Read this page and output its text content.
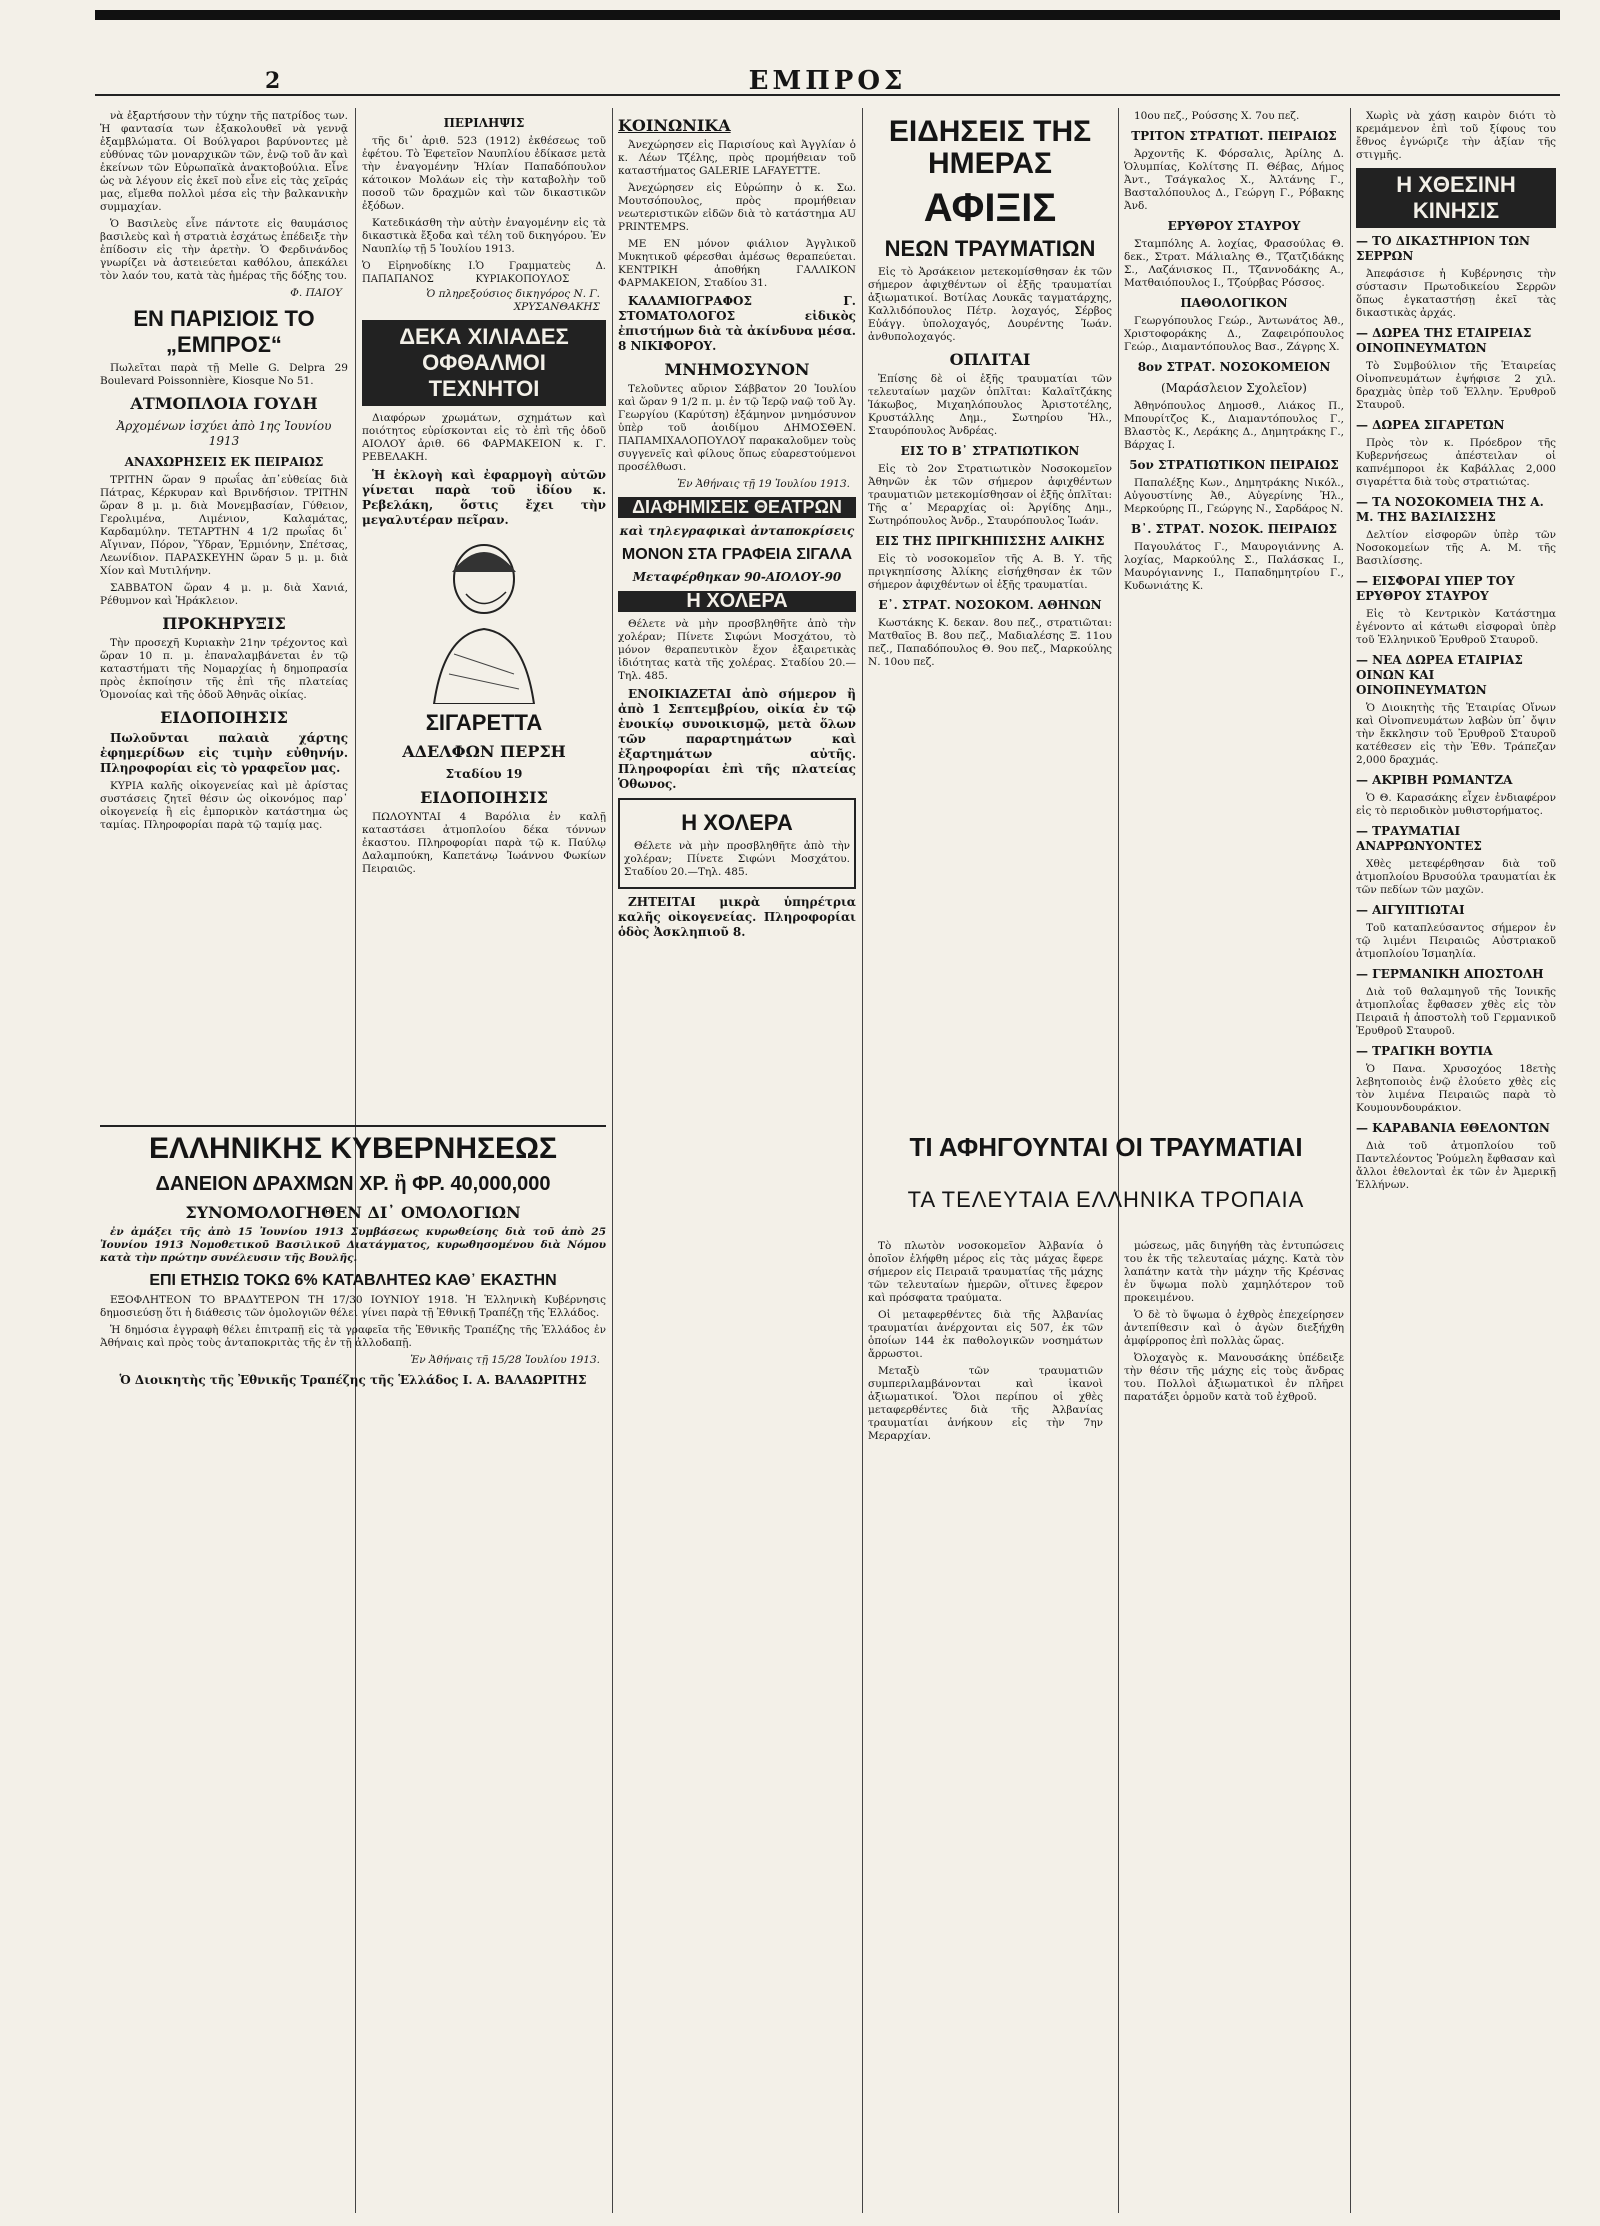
2	ΕΜΠΡΟΣ

νὰ ἐξαρτήσουν τὴν τύχην τῆς πατρίδος των. Ἡ φαντασία των ἐξακολουθεῖ νὰ γεννᾷ ἐξαμβλώματα. Οἱ Βούλγαροι βαρύνοντες μὲ εὐθύνας τῶν μοναρχικῶν τῶν, ἐνῷ τοῦ ἄν καὶ ἐκείνων τῶν Εὐρωπαϊκὰ ἀνακτοβούλια. Εἶνε ὡς νὰ λέγουν εἰς ἐκεῖ ποὺ εἶνε εἰς τὰς χεῖράς μας, εἴμεθα πολλοὶ μέσα εἰς τὴν βαλκανικὴν συμμαχίαν.

Ὁ Βασιλεὺς εἶνε πάντοτε εἰς θαυμάσιος βασιλεὺς καὶ ἡ στρατιὰ ἐσχάτως ἐπέδειξε τὴν ἐπίδοσιν εἰς τὴν ἀρετὴν. Ὁ Φερδινάνδος γνωρίζει νὰ ἀστειεύεται καθόλου, ἀπεκάλει τὸν λαόν του, κατὰ τὰς ἡμέρας τῆς δόξης του.

Φ. ΠΑΙΟΥ
ΕΝ ΠΑΡΙΣΙΟΙΣ ΤΟ „ΕΜΠΡΟΣ“

Πωλεῖται παρὰ τῇ Melle G. Delpra 29 Boulevard Poissonnière, Kiosque No 51.

ΑΤΜΟΠΛΟΙΑ ΓΟΥΔΗ
Ἀρχομένων ἰσχύει ἀπὸ 1ης Ἰουνίου 1913
ΑΝΑΧΩΡΗΣΕΙΣ ΕΚ ΠΕΙΡΑΙΩΣ

ΤΡΙΤΗΝ ὥραν 9 πρωΐας ἀπ᾽εὐθείας διὰ Πάτρας, Κέρκυραν καὶ Βρινδήσιον. ΤΡΙΤΗΝ ὥραν 8 μ. μ. διὰ Μονεμβασίαν, Γύθειον, Γερολιμένα, Λιμένιον, Καλαμάτας, Καρδαμύλην. ΤΕΤΑΡΤΗΝ 4 1/2 πρωΐας δι᾽ Αἴγιναν, Πόρον, Ὕδραν, Ἑρμιόνην, Σπέτσας, Λεωνίδιον. ΠΑΡΑΣΚΕΥΗΝ ὥραν 5 μ. μ. διὰ Χίον καὶ Μυτιλήνην.

ΣΑΒΒΑΤΟΝ ὥραν 4 μ. μ. διὰ Χανιά, Ρέθυμνον καὶ Ἡράκλειον.

ΠΡΟΚΗΡΥΞΙΣ

Τὴν προσεχῆ Κυριακὴν 21ην τρέχοντος καὶ ὥραν 10 π. μ. ἐπαναλαμβάνεται ἐν τῷ καταστήματι τῆς Νομαρχίας ἡ δημοπρασία πρὸς ἐκποίησιν τῆς ἐπὶ τῆς πλατείας Ὁμονοίας καὶ τῆς ὁδοῦ Ἀθηνᾶς οἰκίας.

ΕΙΔΟΠΟΙΗΣΙΣ

Πωλοῦνται παλαιὰ χάρτης ἐφημερίδων εἰς τιμὴν εὐθηνήν. Πληροφορίαι εἰς τὸ γραφεῖον μας.

ΚΥΡΙΑ καλῆς οἰκογενείας καὶ μὲ ἀρίστας συστάσεις ζητεῖ θέσιν ὡς οἰκονόμος παρ᾽ οἰκογενείᾳ ἢ εἰς ἐμπορικὸν κατάστημα ὡς ταμίας. Πληροφορίαι παρὰ τῷ ταμίᾳ μας.

ΠΕΡΙΛΗΨΙΣ

τῆς δι᾽ ἀριθ. 523 (1912) ἐκθέσεως τοῦ ἐφέτου. Τὸ Ἐφετεῖον Ναυπλίου ἐδίκασε μετὰ τὴν ἐναγομένην Ἠλίαν Παπαδόπουλον κάτοικον Μολάων εἰς τὴν καταβολὴν τοῦ ποσοῦ τῶν δραχμῶν καὶ τῶν δικαστικῶν ἐξόδων.

Κατεδικάσθη τὴν αὐτὴν ἐναγομένην εἰς τὰ δικαστικὰ ἔξοδα καὶ τέλη τοῦ δικηγόρου. Ἐν Ναυπλίῳ τῇ 5 Ἰουλίου 1913.

Ὁ Εἰρηνοδίκης Ι. ΠΑΠΑΠΑΝΟΣ
Ὁ Γραμματεὺς Δ. ΚΥΡΙΑΚΟΠΟΥΛΟΣ
Ὁ πληρεξούσιος δικηγόρος Ν. Γ. ΧΡΥΣΑΝΘΑΚΗΣ
ΔΕΚΑ ΧΙΛΙΑΔΕΣ ΟΦΘΑΛΜΟΙ ΤΕΧΝΗΤΟΙ

Διαφόρων χρωμάτων, σχημάτων καὶ ποιότητος εὑρίσκονται εἰς τὸ ἐπὶ τῆς ὁδοῦ ΑΙΟΛΟΥ ἀριθ. 66 ΦΑΡΜΑΚΕΙΟΝ κ. Γ. ΡΕΒΕΛΑΚΗ.

Ἡ ἐκλογὴ καὶ ἐφαρμογὴ αὐτῶν γίνεται παρὰ τοῦ ἰδίου κ. Ρεβελάκη, ὅστις ἔχει τὴν μεγαλυτέραν πεῖραν.

ΣΙΓΑΡΕΤΤΑ
ΑΔΕΛΦΩΝ ΠΕΡΣΗ
Σταδίου 19
ΕΙΔΟΠΟΙΗΣΙΣ

ΠΩΛΟΥΝΤΑΙ 4 Βαρόλια ἐν καλῇ καταστάσει ἀτμοπλοίου δέκα τόννων ἐκαστου. Πληροφορίαι παρὰ τῷ κ. Παύλῳ Δαλαμπούκη, Καπετάνῳ Ἰωάννου Φωκίων Πειραιῶς.

ΕΛΛΗΝΙΚΗΣ ΚΥΒΕΡΝΗΣΕΩΣ
ΔΑΝΕΙΟΝ ΔΡΑΧΜΩΝ ΧΡ. ἢ ΦΡ. 40,000,000
ΣΥΝΟΜΟΛΟΓΗΘΕΝ ΔΙ᾽ ΟΜΟΛΟΓΙΩΝ

ἐν ἀμάξει τῆς ἀπὸ 15 Ἰουνίου 1913 Συμβάσεως κυρωθείσης διὰ τοῦ ἀπὸ 25 Ἰουνίου 1913 Νομοθετικοῦ Βασιλικοῦ Διατάγματος, κυρωθησομένου διὰ Νόμου κατὰ τὴν πρώτην συνέλευσιν τῆς Βουλῆς.

ΕΠΙ ΕΤΗΣΙΩ ΤΟΚΩ 6% ΚΑΤΑΒΛΗΤΕΩ ΚΑΘ᾽ ΕΚΑΣΤΗΝ

ΕΞΟΦΛΗΤΕΟΝ ΤΟ ΒΡΑΔΥΤΕΡΟΝ ΤΗ 17/30 ΙΟΥΝΙΟΥ 1918. Ἡ Ἑλληνικὴ Κυβέρνησις δημοσιεύσῃ ὅτι ἡ διάθεσις τῶν ὁμολογιῶν θέλει γίνει παρὰ τῇ Ἐθνικῇ Τραπέζῃ τῆς Ἑλλάδος.

Ἡ δημόσια ἐγγραφὴ θέλει ἐπιτραπῇ εἰς τὰ γραφεῖα τῆς Ἐθνικῆς Τραπέζης τῆς Ἑλλάδος ἐν Ἀθήναις καὶ πρὸς τοὺς ἀνταποκριτὰς τῆς ἐν τῇ ἀλλοδαπῇ.

Ἐν Ἀθήναις τῇ 15/28 Ἰουλίου 1913.
Ὁ Διοικητὴς τῆς Ἐθνικῆς Τραπέζης τῆς Ἑλλάδος Ι. Α. ΒΑΛΑΩΡΙΤΗΣ
ΚΟΙΝΩΝΙΚΑ

Ἀνεχώρησεν εἰς Παρισίους καὶ Ἀγγλίαν ὁ κ. Λέων Τζέλης, πρὸς προμήθειαν τοῦ καταστήματος GALERIE LAFAYETTE.

Ἀνεχώρησεν εἰς Εὐρώπην ὁ κ. Σω. Μουτσόπουλος, πρὸς προμήθειαν νεωτεριστικῶν εἰδῶν διὰ τὸ κατάστημα AU PRINTEMPS.

ΜΕ ΕΝ μόνον φιάλιον Ἀγγλικοῦ Μυκητικοῦ φέρεσθαι ἀμέσως θεραπεύεται. ΚΕΝΤΡΙΚΗ ἀποθήκη ΓΑΛΛΙΚΟΝ ΦΑΡΜΑΚΕΙΟΝ, Σταδίου 31.

ΚΑΛΑΜΙΟΓΡΑΦΟΣ Γ. ΣΤΟΜΑΤΟΛΟΓΟΣ εἰδικὸς ἐπιστήμων διὰ τὰ ἀκίνδυνα μέσα. 8 ΝΙΚΙΦΟΡΟΥ.

ΜΝΗΜΟΣΥΝΟΝ

Τελοῦντες αὔριον Σάββατον 20 Ἰουλίου καὶ ὥραν 9 1/2 π. μ. ἐν τῷ Ἱερῷ ναῷ τοῦ Ἁγ. Γεωργίου (Καρύτση) ἐξάμηνον μνημόσυνον ὑπὲρ τοῦ ἀοιδίμου ΔΗΜΟΣΘΕΝ. ΠΑΠΑΜΙΧΑΛΟΠΟΥΛΟΥ παρακαλοῦμεν τοὺς συγγενεῖς καὶ φίλους ὅπως εὐαρεστούμενοι προσέλθωσι.

Ἐν Ἀθήναις τῇ 19 Ἰουλίου 1913.
ΔΙΑΦΗΜΙΣΕΙΣ ΘΕΑΤΡΩΝ
καὶ τηλεγραφικαὶ ἀνταποκρίσεις
ΜΟΝΟΝ ΣΤΑ ΓΡΑΦΕΙΑ ΣΙΓΑΛΑ
Μεταφέρθηκαν 90-ΑΙΟΛΟΥ-90
Η ΧΟΛΕΡΑ

Θέλετε νὰ μὴν προσβληθῆτε ἀπὸ τὴν χολέραν; Πίνετε Σιφώνι Μοσχάτου, τὸ μόνον θεραπευτικὸν ἔχον ἐξαιρετικὰς ἰδιότητας κατὰ τῆς χολέρας. Σταδίου 20.—Τηλ. 485.

ΕΝΟΙΚΙΑΖΕΤΑΙ ἀπὸ σήμερον ἢ ἀπὸ 1 Σεπτεμβρίου, οἰκία ἐν τῷ ἐνοικίῳ συνοικισμῷ, μετὰ ὅλων τῶν παραρτημάτων καὶ ἐξαρτημάτων αὐτῆς. Πληροφορίαι ἐπὶ τῆς πλατείας Ὁθωνος.

Η ΧΟΛΕΡΑ

Θέλετε νὰ μὴν προσβληθῆτε ἀπὸ τὴν χολέραν; Πίνετε Σιφώνι Μοσχάτου. Σταδίου 20.—Τηλ. 485.

ΖΗΤΕΙΤΑΙ μικρὰ ὑπηρέτρια καλῆς οἰκογενείας. Πληροφορίαι ὁδὸς Ἀσκληπιοῦ 8.

ΕΙΔΗΣΕΙΣ ΤΗΣ ΗΜΕΡΑΣ
ΑΦΙΞΙΣ
ΝΕΩΝ ΤΡΑΥΜΑΤΙΩΝ

Εἰς τὸ Ἀρσάκειον μετεκομίσθησαν ἐκ τῶν σήμερον ἀφιχθέντων οἱ ἑξῆς τραυματίαι ἀξιωματικοί. Βοτίλας Λουκᾶς ταγματάρχης, Καλλιδόπουλος Πέτρ. λοχαγός, Σέρβος Εὐάγγ. ὑπολοχαγός, Δουρέντης Ἰωάν. ἀνθυπολοχαγός.

ΟΠΛΙΤΑΙ

Ἐπίσης δὲ οἱ ἑξῆς τραυματίαι τῶν τελευταίων μαχῶν ὁπλῖται: Καλαϊτζάκης Ἰάκωβος, Μιχαηλόπουλος Ἀριστοτέλης, Κρυστάλλης Δημ., Σωτηρίου Ἠλ., Σταυρόπουλος Ἀνδρέας.

ΕΙΣ ΤΟ Β᾽ ΣΤΡΑΤΙΩΤΙΚΟΝ

Εἰς τὸ 2ον Στρατιωτικὸν Νοσοκομεῖον Ἀθηνῶν ἐκ τῶν σήμερον ἀφιχθέντων τραυματιῶν μετεκομίσθησαν οἱ ἑξῆς ὁπλῖται: Τῆς α᾽ Μεραρχίας οἱ: Ἀργίδης Δημ., Σωτηρόπουλος Ἀνδρ., Σταυρόπουλος Ἰωάν.

ΕΙΣ ΤΗΣ ΠΡΙΓΚΗΠΙΣΣΗΣ ΑΛΙΚΗΣ

Εἰς τὸ νοσοκομεῖον τῆς Α. Β. Υ. τῆς πριγκηπίσσης Ἀλίκης εἰσήχθησαν ἐκ τῶν σήμερον ἀφιχθέντων οἱ ἑξῆς τραυματίαι.

Ε᾽. ΣΤΡΑΤ. ΝΟΣΟΚΟΜ. ΑΘΗΝΩΝ

Κωστάκης Κ. δεκαν. 8ου πεζ., στρατιῶται: Ματθαῖος Β. 8ου πεζ., Μαδιαλέσης Ξ. 11ου πεζ., Παπαδόπουλος Θ. 9ου πεζ., Μαρκούλης Ν. 10ου πεζ.

10ου πεζ., Ρούσσης Χ. 7ου πεζ.

ΤΡΙΤΟΝ ΣΤΡΑΤΙΩΤ. ΠΕΙΡΑΙΩΣ

Ἀρχοντῆς Κ. Φόρσαλις, Ἀρίλης Δ. Ὁλυμπίας, Κολίτσης Π. Θέβας, Δήμος Ἀντ., Τσάγκαλος Χ., Ἀλτάνης Γ., Βασταλόπουλος Δ., Γεώργη Γ., Ρόβακης Ἀνδ.

ΕΡΥΘΡΟΥ ΣΤΑΥΡΟΥ

Σταμπόλης Α. λοχίας, Φρασούλας Θ. δεκ., Στρατ. Μάλιαλης Θ., Τζατζιδάκης Σ., Λαζάνισκος Π., Τζαννοδάκης Α., Ματθαιόπουλος Ι., Τζούρβας Ρόσσος.

ΠΑΘΟΛΟΓΙΚΟΝ

Γεωργόπουλος Γεώρ., Ἀντωνάτος Ἀθ., Χριστοφοράκης Δ., Ζαφειρόπουλος Γεώρ., Διαμαντόπουλος Βασ., Ζάγρης Χ.

8ον ΣΤΡΑΤ. ΝΟΣΟΚΟΜΕΙΟΝ
(Μαράσλειον Σχολεῖον)

Ἀθηνόπουλος Δημοσθ., Λιάκος Π., Μπουρίτζος Κ., Διαμαντόπουλος Γ., Βλαστὸς Κ., Λεράκης Δ., Δημητράκης Γ., Βάρχας Ι.

5ον ΣΤΡΑΤΙΩΤΙΚΟΝ ΠΕΙΡΑΙΩΣ

Παπαλέξης Κων., Δημητράκης Νικόλ., Αὐγουστίνης Ἀθ., Αὐγερίνης Ἠλ., Μερκούρης Π., Γεώργης Ν., Σαρδάρος Ν.

Β᾽. ΣΤΡΑΤ. ΝΟΣΟΚ. ΠΕΙΡΑΙΩΣ

Παγουλάτος Γ., Μαυρογιάννης Α. λοχίας, Μαρκούλης Σ., Παλάσκας Ι., Μαυρόγιαννης Ι., Παπαδημητρίου Γ., Κυδωνιάτης Κ.

ΤΙ ΑΦΗΓΟΥΝΤΑΙ ΟΙ ΤΡΑΥΜΑΤΙΑΙ
ΤΑ ΤΕΛΕΥΤΑΙΑ ΕΛΛΗΝΙΚΑ ΤΡΟΠΑΙΑ

Τὸ πλωτὸν νοσοκομεῖον Ἀλβανία ὁ ὁποῖον ἐλήφθη μέρος εἰς τὰς μάχας ἔφερε σήμερον εἰς Πειραιᾶ τραυματίας τῆς μάχης τῶν τελευταίων ἡμερῶν, οἵτινες ἔφερον καὶ πρόσφατα τραύματα.

Οἱ μεταφερθέντες διὰ τῆς Ἀλβανίας τραυματίαι ἀνέρχονται εἰς 507, ἐκ τῶν ὁποίων 144 ἐκ παθολογικῶν νοσημάτων ἄρρωστοι.

Μεταξὺ τῶν τραυματιῶν συμπεριλαμβάνονται καὶ ἱκανοὶ ἀξιωματικοί. Ὅλοι περίπου οἱ χθὲς μεταφερθέντες διὰ τῆς Ἀλβανίας τραυματίαι ἀνήκουν εἰς τὴν 7ην Μεραρχίαν.

μώσεως, μᾶς διηγήθη τὰς ἐντυπώσεις του ἐκ τῆς τελευταίας μάχης. Κατὰ τὸν λαπάτην κατὰ τὴν μάχην τῆς Κρέσνας ἐν ὕψωμα πολὺ χαμηλότερον τοῦ προκειμένου.

Ὁ δὲ τὸ ὕψωμα ὁ ἐχθρὸς ἐπεχείρησεν ἀντεπίθεσιν καὶ ὁ ἀγὼν διεξήχθη ἀμφίρροπος ἐπὶ πολλὰς ὥρας.

Ὀλοχαγὸς κ. Μανουσάκης ὑπέδειξε τὴν θέσιν τῆς μάχης εἰς τοὺς ἄνδρας του. Πολλοὶ ἀξιωματικοὶ ἐν πλῆρει παρατάξει ὁρμοῦν κατὰ τοῦ ἐχθροῦ.

Χωρὶς νὰ χάσῃ καιρὸν διότι τὸ κρεμάμενον ἐπὶ τοῦ ξίφους του ἔθνος ἐγνώριζε τὴν ἀξίαν τῆς στιγμῆς.

Η ΧΘΕΣΙΝΗ ΚΙΝΗΣΙΣ
— ΤΟ ΔΙΚΑΣΤΗΡΙΟΝ ΤΩΝ ΣΕΡΡΩΝ

Ἀπεφάσισε ἡ Κυβέρνησις τὴν σύστασιν Πρωτοδικείου Σερρῶν ὅπως ἐγκαταστήσῃ ἐκεῖ τὰς δικαστικὰς ἀρχάς.

— ΔΩΡΕΑ ΤΗΣ ΕΤΑΙΡΕΙΑΣ ΟΙΝΟΠΝΕΥΜΑΤΩΝ

Τὸ Συμβούλιον τῆς Ἑταιρείας Οἰνοπνευμάτων ἐψήφισε 2 χιλ. δραχμὰς ὑπὲρ τοῦ Ἑλλην. Ἐρυθροῦ Σταυροῦ.

— ΔΩΡΕΑ ΣΙΓΑΡΕΤΩΝ

Πρὸς τὸν κ. Πρόεδρον τῆς Κυβερνήσεως ἀπέστειλαν οἱ καπνέμποροι ἐκ Καβάλλας 2,000 σιγαρέττα διὰ τοὺς στρατιώτας.

— ΤΑ ΝΟΣΟΚΟΜΕΙΑ ΤΗΣ Α. Μ. ΤΗΣ ΒΑΣΙΛΙΣΣΗΣ

Δελτίον εἰσφορῶν ὑπὲρ τῶν Νοσοκομείων τῆς Α. Μ. τῆς Βασιλίσσης.

— ΕΙΣΦΟΡΑΙ ΥΠΕΡ ΤΟΥ ΕΡΥΘΡΟΥ ΣΤΑΥΡΟΥ

Εἰς τὸ Κεντρικὸν Κατάστημα ἐγένοντο αἱ κάτωθι εἰσφοραὶ ὑπὲρ τοῦ Ἑλληνικοῦ Ἐρυθροῦ Σταυροῦ.

— ΝΕΑ ΔΩΡΕΑ ΕΤΑΙΡΙΑΣ ΟΙΝΩΝ ΚΑΙ ΟΙΝΟΠΝΕΥΜΑΤΩΝ

Ὁ Διοικητὴς τῆς Ἑταιρίας Οἴνων καὶ Οἰνοπνευμάτων λαβὼν ὑπ᾽ ὄψιν τὴν ἔκκλησιν τοῦ Ἐρυθροῦ Σταυροῦ κατέθεσεν εἰς τὴν Ἐθν. Τράπεζαν 2,000 δραχμάς.

— ΑΚΡΙΒΗ ΡΩΜΑΝΤΖΑ

Ὁ Θ. Καρασάκης εἶχεν ἐνδιαφέρον εἰς τὸ περιοδικὸν μυθιστορήματος.

— ΤΡΑΥΜΑΤΙΑΙ ΑΝΑΡΡΩΝΥΟΝΤΕΣ

Χθὲς μετεφέρθησαν διὰ τοῦ ἀτμοπλοίου Βρυσούλα τραυματίαι ἐκ τῶν πεδίων τῶν μαχῶν.

— ΑΙΓΥΠΤΙΩΤΑΙ

Τοῦ καταπλεύσαντος σήμερον ἐν τῷ λιμένι Πειραιῶς Αὐστριακοῦ ἀτμοπλοίου Ἰσμαηλία.

— ΓΕΡΜΑΝΙΚΗ ΑΠΟΣΤΟΛΗ

Διὰ τοῦ θαλαμηγοῦ τῆς Ἰονικῆς ἀτμοπλοΐας ἔφθασεν χθὲς εἰς τὸν Πειραιᾶ ἡ ἀποστολὴ τοῦ Γερμανικοῦ Ἐρυθροῦ Σταυροῦ.

— ΤΡΑΓΙΚΗ ΒΟΥΤΙΑ

Ὁ Πανα. Χρυσοχόος 18ετὴς λεβητοποιὸς ἐνῷ ἐλούετο χθὲς εἰς τὸν λιμένα Πειραιῶς παρὰ τὸ Κουμουνδουράκιον.

— ΚΑΡΑΒΑΝΙΑ ΕΘΕΛΟΝΤΩΝ

Διὰ τοῦ ἀτμοπλοίου τοῦ Παντελέοντος Ῥούμελη ἔφθασαν καὶ ἄλλοι ἐθελονταὶ ἐκ τῶν ἐν Ἀμερικῇ Ἑλλήνων.
